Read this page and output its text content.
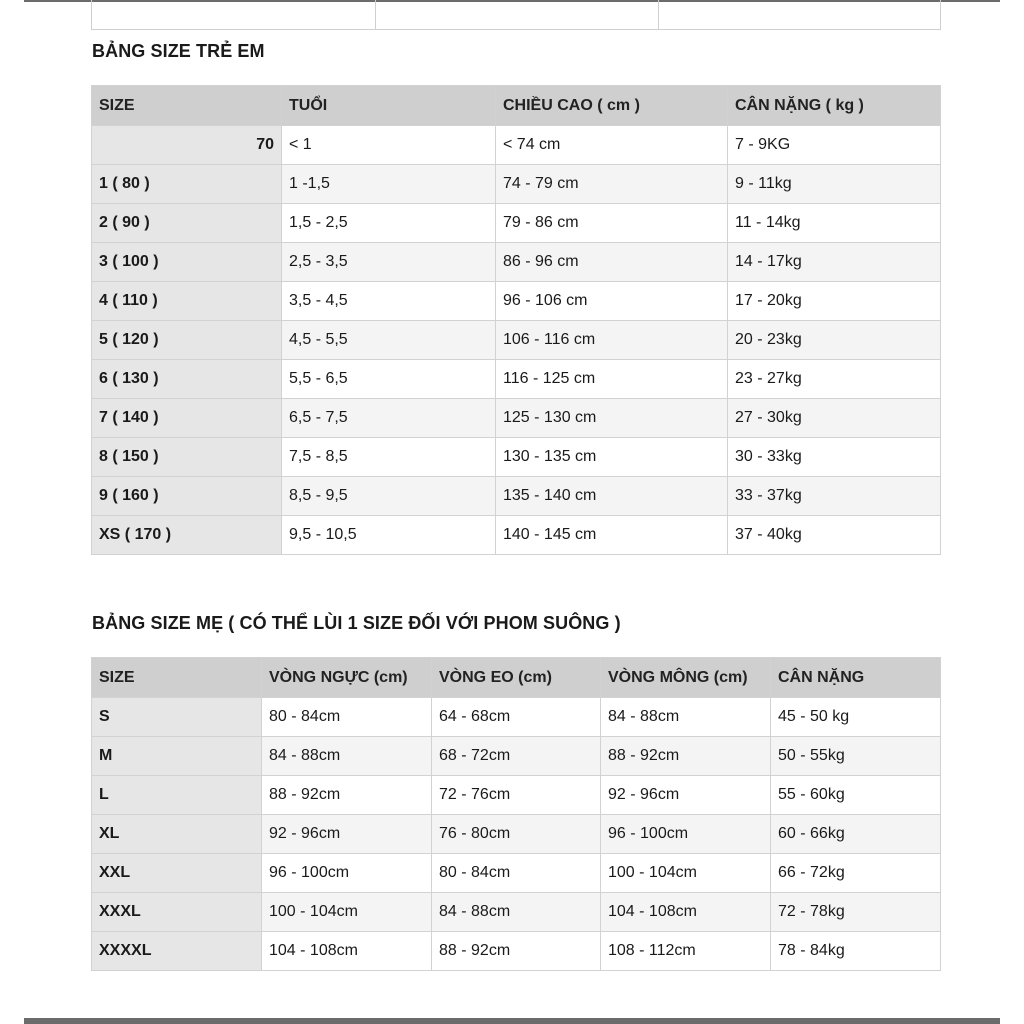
BẢNG SIZE TRẺ EM
SIZE	TUỔI	CHIỀU CAO ( cm )	CÂN NẶNG ( kg )
70	< 1	< 74 cm	7 - 9KG
1 ( 80 )	1 -1,5	74 - 79 cm	9 - 11kg
2 ( 90 )	1,5 - 2,5	79 - 86 cm	11 - 14kg
3 ( 100 )	2,5 - 3,5	86 - 96 cm	14 - 17kg
4 ( 110 )	3,5 - 4,5	96 - 106 cm	17 - 20kg
5 ( 120 )	4,5 - 5,5	106 - 116 cm	20 - 23kg
6 ( 130 )	5,5 - 6,5	116 - 125 cm	23 - 27kg
7 ( 140 )	6,5 - 7,5	125 - 130 cm	27 - 30kg
8 ( 150 )	7,5 - 8,5	130 - 135 cm	30 - 33kg
9 ( 160 )	8,5 - 9,5	135 - 140 cm	33 - 37kg
XS ( 170 )	9,5 - 10,5	140 - 145 cm	37 - 40kg
BẢNG SIZE MẸ ( CÓ THỂ LÙI 1 SIZE ĐỐI VỚI PHOM SUÔNG )
SIZE	VÒNG NGỰC (cm)	VÒNG EO (cm)	VÒNG MÔNG (cm)	CÂN NẶNG
S	80 - 84cm	64 - 68cm	84 - 88cm	45 - 50 kg
M	84 - 88cm	68 - 72cm	88 - 92cm	50 - 55kg
L	88 - 92cm	72 - 76cm	92 - 96cm	55 - 60kg
XL	92 - 96cm	76 - 80cm	96 - 100cm	60 - 66kg
XXL	96 - 100cm	80 - 84cm	100 - 104cm	66 - 72kg
XXXL	100 - 104cm	84 - 88cm	104 - 108cm	72 - 78kg
XXXXL	104 - 108cm	88 - 92cm	108 - 112cm	78 - 84kg
